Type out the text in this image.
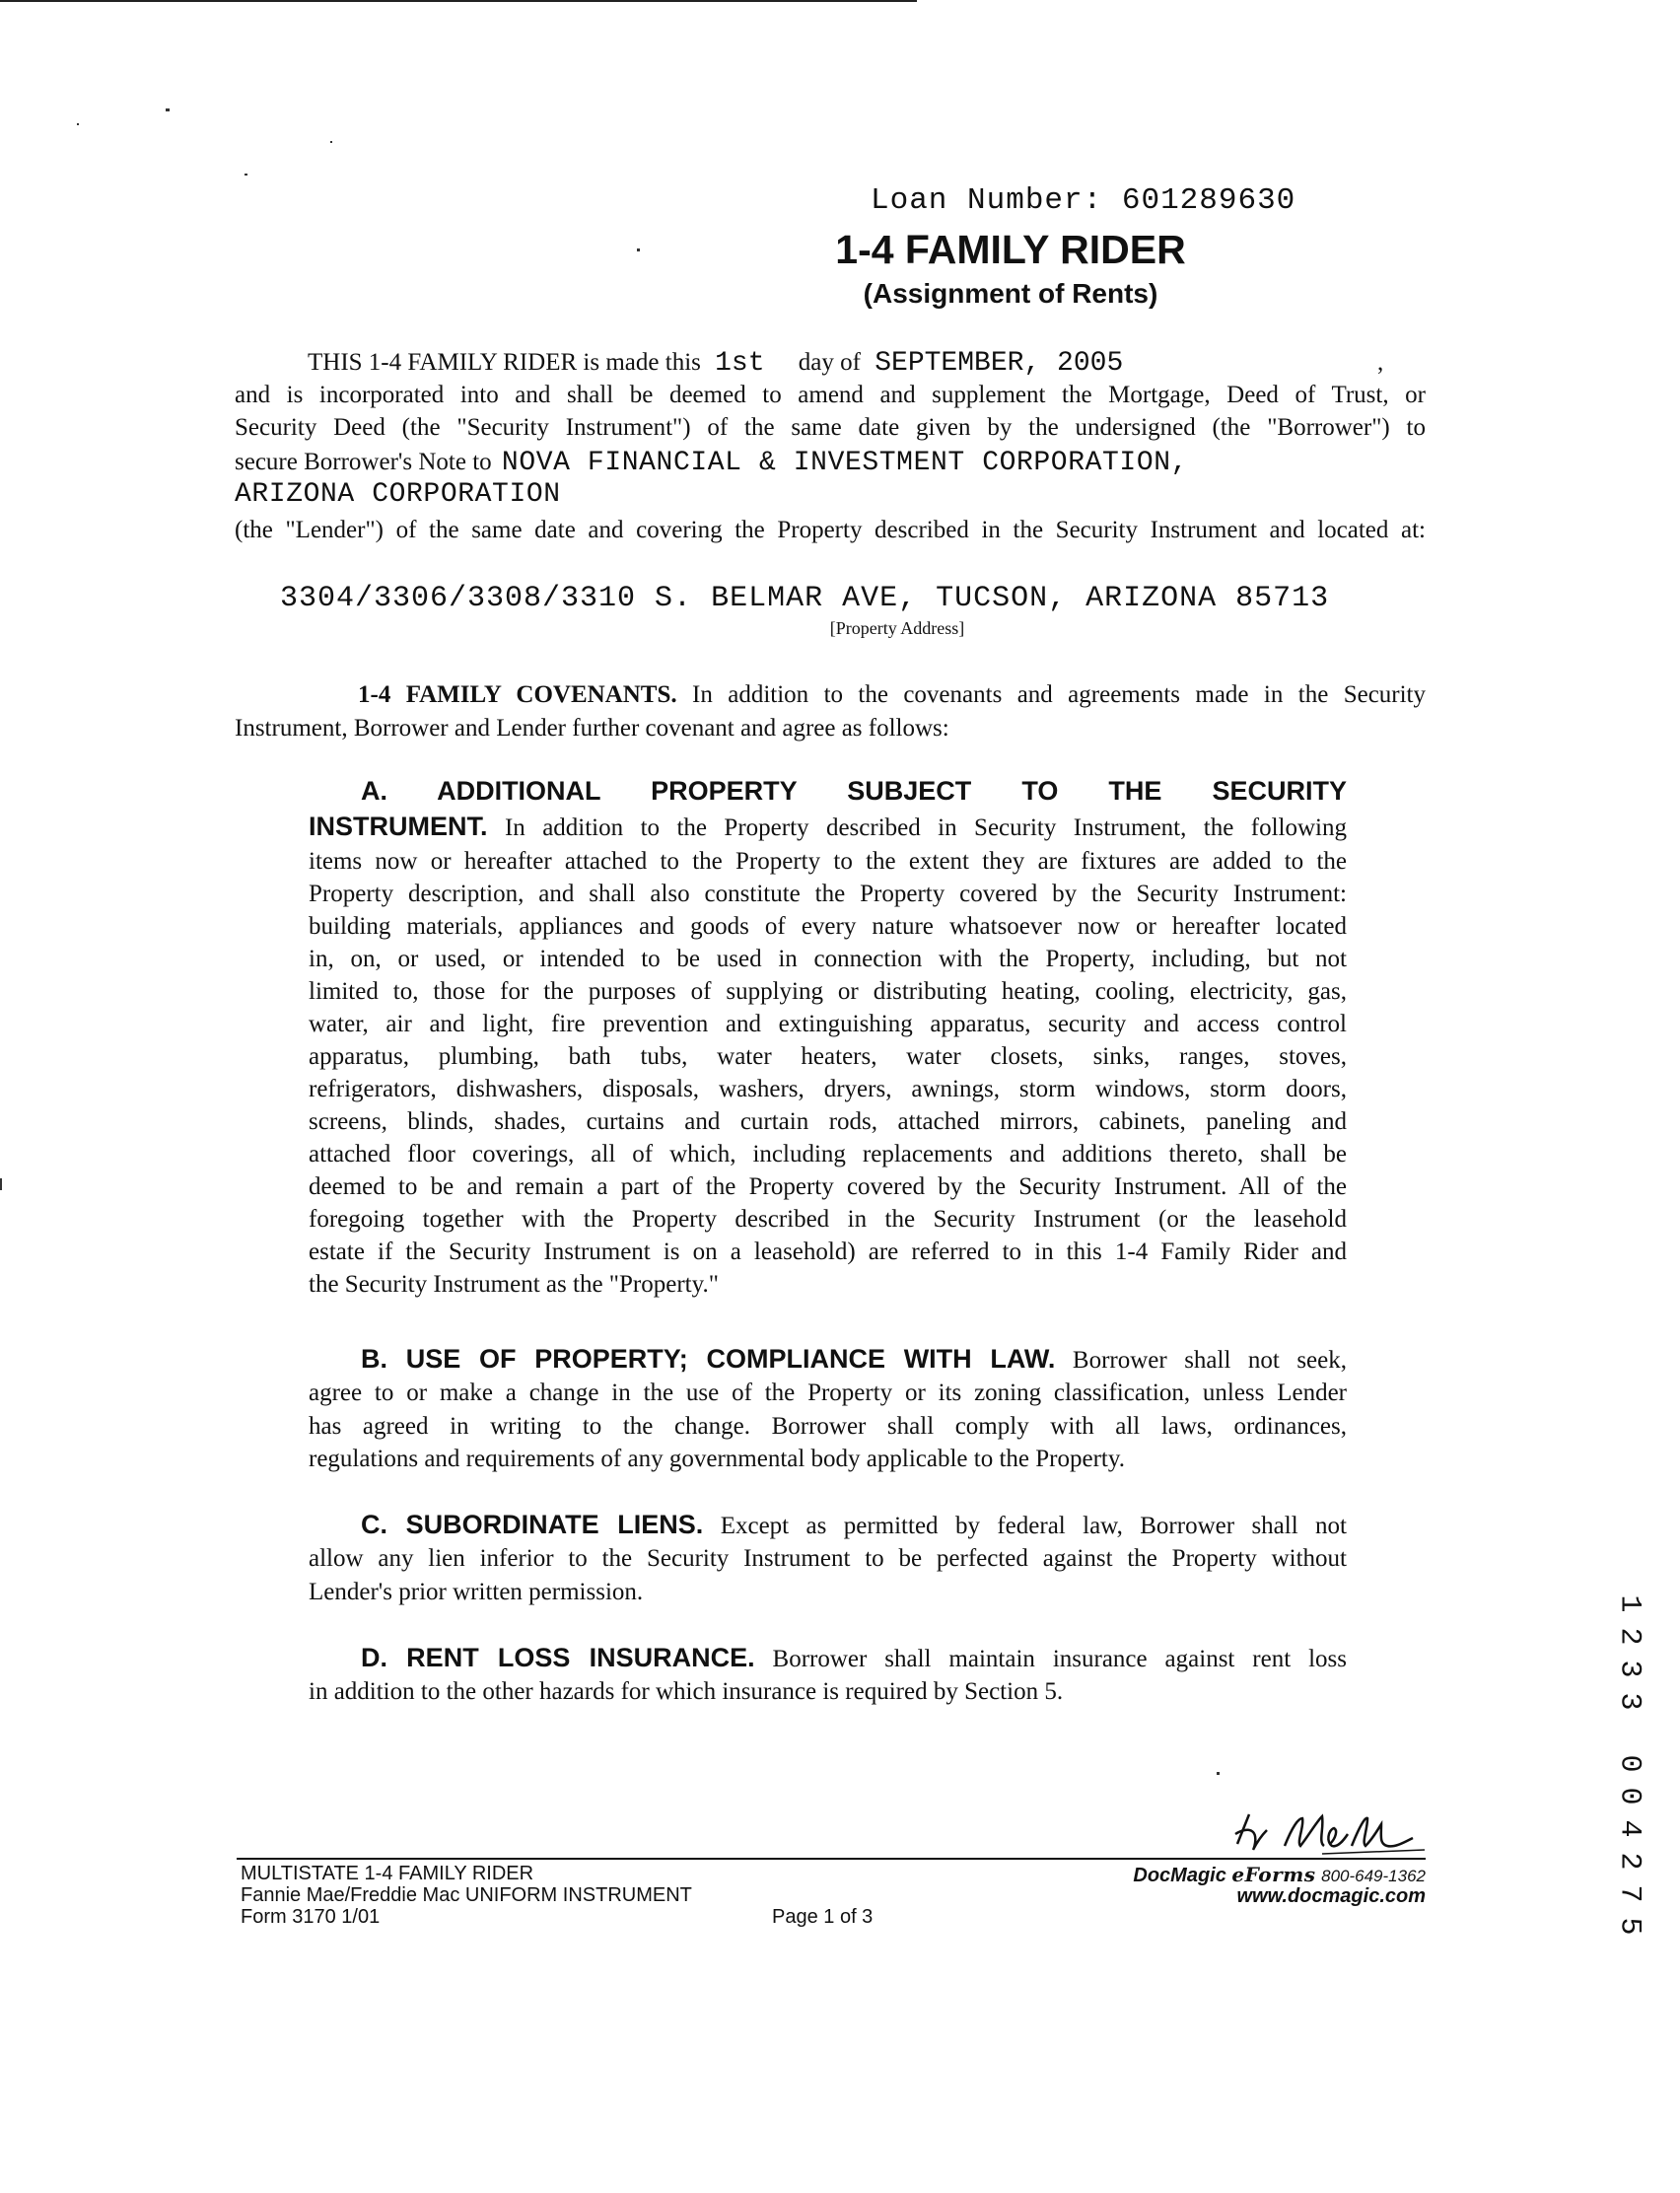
Loan Number: 601289630
1-4 FAMILY RIDER
(Assignment of Rents)
THIS 1-4 FAMILY RIDER is made this 1st day of SEPTEMBER, 2005	,
and is incorporated into and shall be deemed to amend and supplement the Mortgage, Deed of Trust, or
Security Deed (the "Security Instrument") of the same date given by the undersigned (the "Borrower") to
secure Borrower's Note to NOVA FINANCIAL & INVESTMENT CORPORATION,
ARIZONA CORPORATION
(the "Lender") of the same date and covering the Property described in the Security Instrument and located at:
3304/3306/3308/3310 S. BELMAR AVE, TUCSON, ARIZONA 85713
[Property Address]
1-4 FAMILY COVENANTS. In addition to the covenants and agreements made in the Security
Instrument, Borrower and Lender further covenant and agree as follows:
A. ADDITIONAL PROPERTY SUBJECT TO THE SECURITY
INSTRUMENT. In addition to the Property described in Security Instrument, the following
items now or hereafter attached to the Property to the extent they are fixtures are added to the
Property description, and shall also constitute the Property covered by the Security Instrument:
building materials, appliances and goods of every nature whatsoever now or hereafter located
in, on, or used, or intended to be used in connection with the Property, including, but not
limited to, those for the purposes of supplying or distributing heating, cooling, electricity, gas,
water, air and light, fire prevention and extinguishing apparatus, security and access control
apparatus, plumbing, bath tubs, water heaters, water closets, sinks, ranges, stoves,
refrigerators, dishwashers, disposals, washers, dryers, awnings, storm windows, storm doors,
screens, blinds, shades, curtains and curtain rods, attached mirrors, cabinets, paneling and
attached floor coverings, all of which, including replacements and additions thereto, shall be
deemed to be and remain a part of the Property covered by the Security Instrument. All of the
foregoing together with the Property described in the Security Instrument (or the leasehold
estate if the Security Instrument is on a leasehold) are referred to in this 1-4 Family Rider and
the Security Instrument as the "Property."
B. USE OF PROPERTY; COMPLIANCE WITH LAW. Borrower shall not seek,
agree to or make a change in the use of the Property or its zoning classification, unless Lender
has agreed in writing to the change. Borrower shall comply with all laws, ordinances,
regulations and requirements of any governmental body applicable to the Property.
C. SUBORDINATE LIENS. Except as permitted by federal law, Borrower shall not
allow any lien inferior to the Security Instrument to be perfected against the Property without
Lender's prior written permission.
D. RENT LOSS INSURANCE. Borrower shall maintain insurance against rent loss
in addition to the other hazards for which insurance is required by Section 5.
MULTISTATE 1-4 FAMILY RIDER
Fannie Mae/Freddie Mac UNIFORM INSTRUMENT
Form 3170 1/01	Page 1 of 3
DocMagic eForms 800-649-1362
www.docmagic.com
1
2
3
3
0
0
4
2
7
5
